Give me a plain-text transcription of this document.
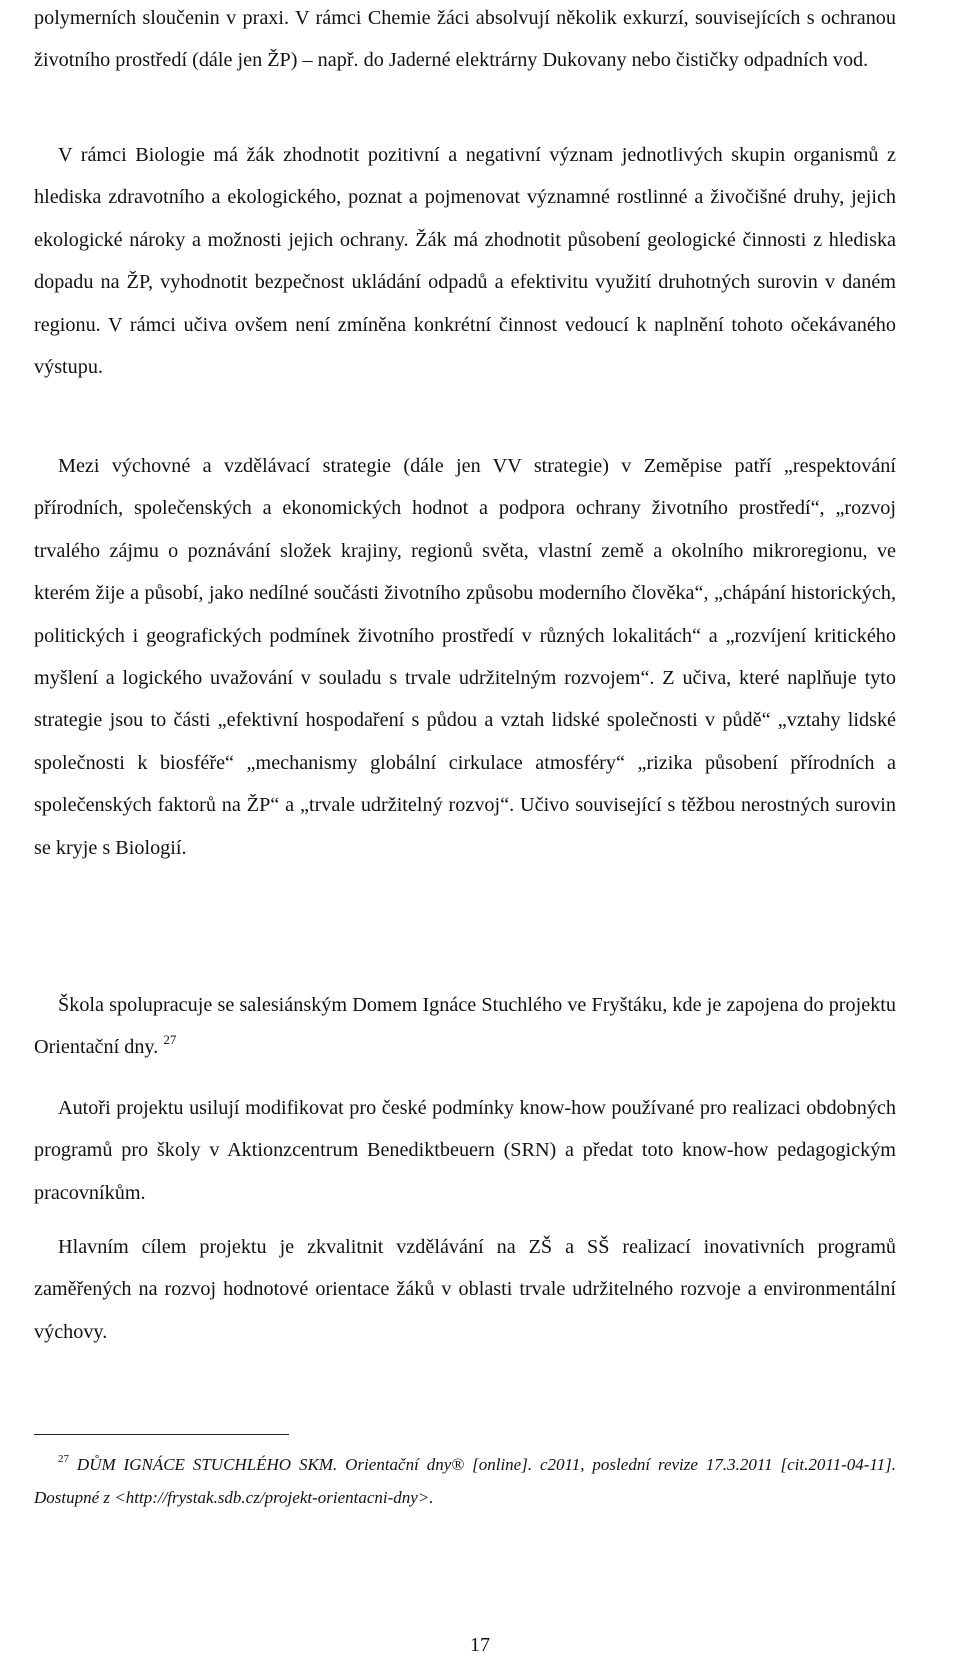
polymerních sloučenin v praxi. V rámci Chemie žáci absolvují několik exkurzí, souvisejících s ochranou životního prostředí (dále jen ŽP) – např. do Jaderné elektrárny Dukovany nebo čističky odpadních vod.

V rámci Biologie má žák zhodnotit pozitivní a negativní význam jednotlivých skupin organismů z hlediska zdravotního a ekologického, poznat a pojmenovat významné rostlinné a živočišné druhy, jejich ekologické nároky a možnosti jejich ochrany. Žák má zhodnotit působení geologické činnosti z hlediska dopadu na ŽP, vyhodnotit bezpečnost ukládání odpadů a efektivitu využití druhotných surovin v daném regionu. V rámci učiva ovšem není zmíněna konkrétní činnost vedoucí k naplnění tohoto očekávaného výstupu.

Mezi výchovné a vzdělávací strategie (dále jen VV strategie) v Zeměpise patří „respektování přírodních, společenských a ekonomických hodnot a podpora ochrany životního prostředí“, „rozvoj trvalého zájmu o poznávání složek krajiny, regionů světa, vlastní země a okolního mikroregionu, ve kterém žije a působí, jako nedílné součásti životního způsobu moderního člověka“, „chápání historických, politických i geografických podmínek životního prostředí v různých lokalitách“ a „rozvíjení kritického myšlení a logického uvažování v souladu s trvale udržitelným rozvojem“. Z učiva, které naplňuje tyto strategie jsou to části „efektivní hospodaření s půdou a vztah lidské společnosti v půdě“ „vztahy lidské společnosti k biosféře“ „mechanismy globální cirkulace atmosféry“ „rizika působení přírodních a společenských faktorů na ŽP“ a „trvale udržitelný rozvoj“. Učivo související s těžbou nerostných surovin se kryje s Biologií.

Škola spolupracuje se salesiánským Domem Ignáce Stuchlého ve Fryštáku, kde je zapojena do projektu Orientační dny. $^{27}$

Autoři projektu usilují modifikovat pro české podmínky know-how používané pro realizaci obdobných programů pro školy v Aktionzcentrum Benediktbeuern (SRN) a předat toto know-how pedagogickým pracovníkům.

Hlavním cílem projektu je zkvalitnit vzdělávání na ZŠ a SŠ realizací inovativních programů zaměřených na rozvoj hodnotové orientace žáků v oblasti trvale udržitelného rozvoje a environmentální výchovy.

$^{27}$ DŮM IGNÁCE STUCHLÉHO SKM. Orientační dny® [online]. c2011, poslední revize 17.3.2011 [cit.2011-04-11]. Dostupné z <http://frystak.sdb.cz/projekt-orientacni-dny>.

17
